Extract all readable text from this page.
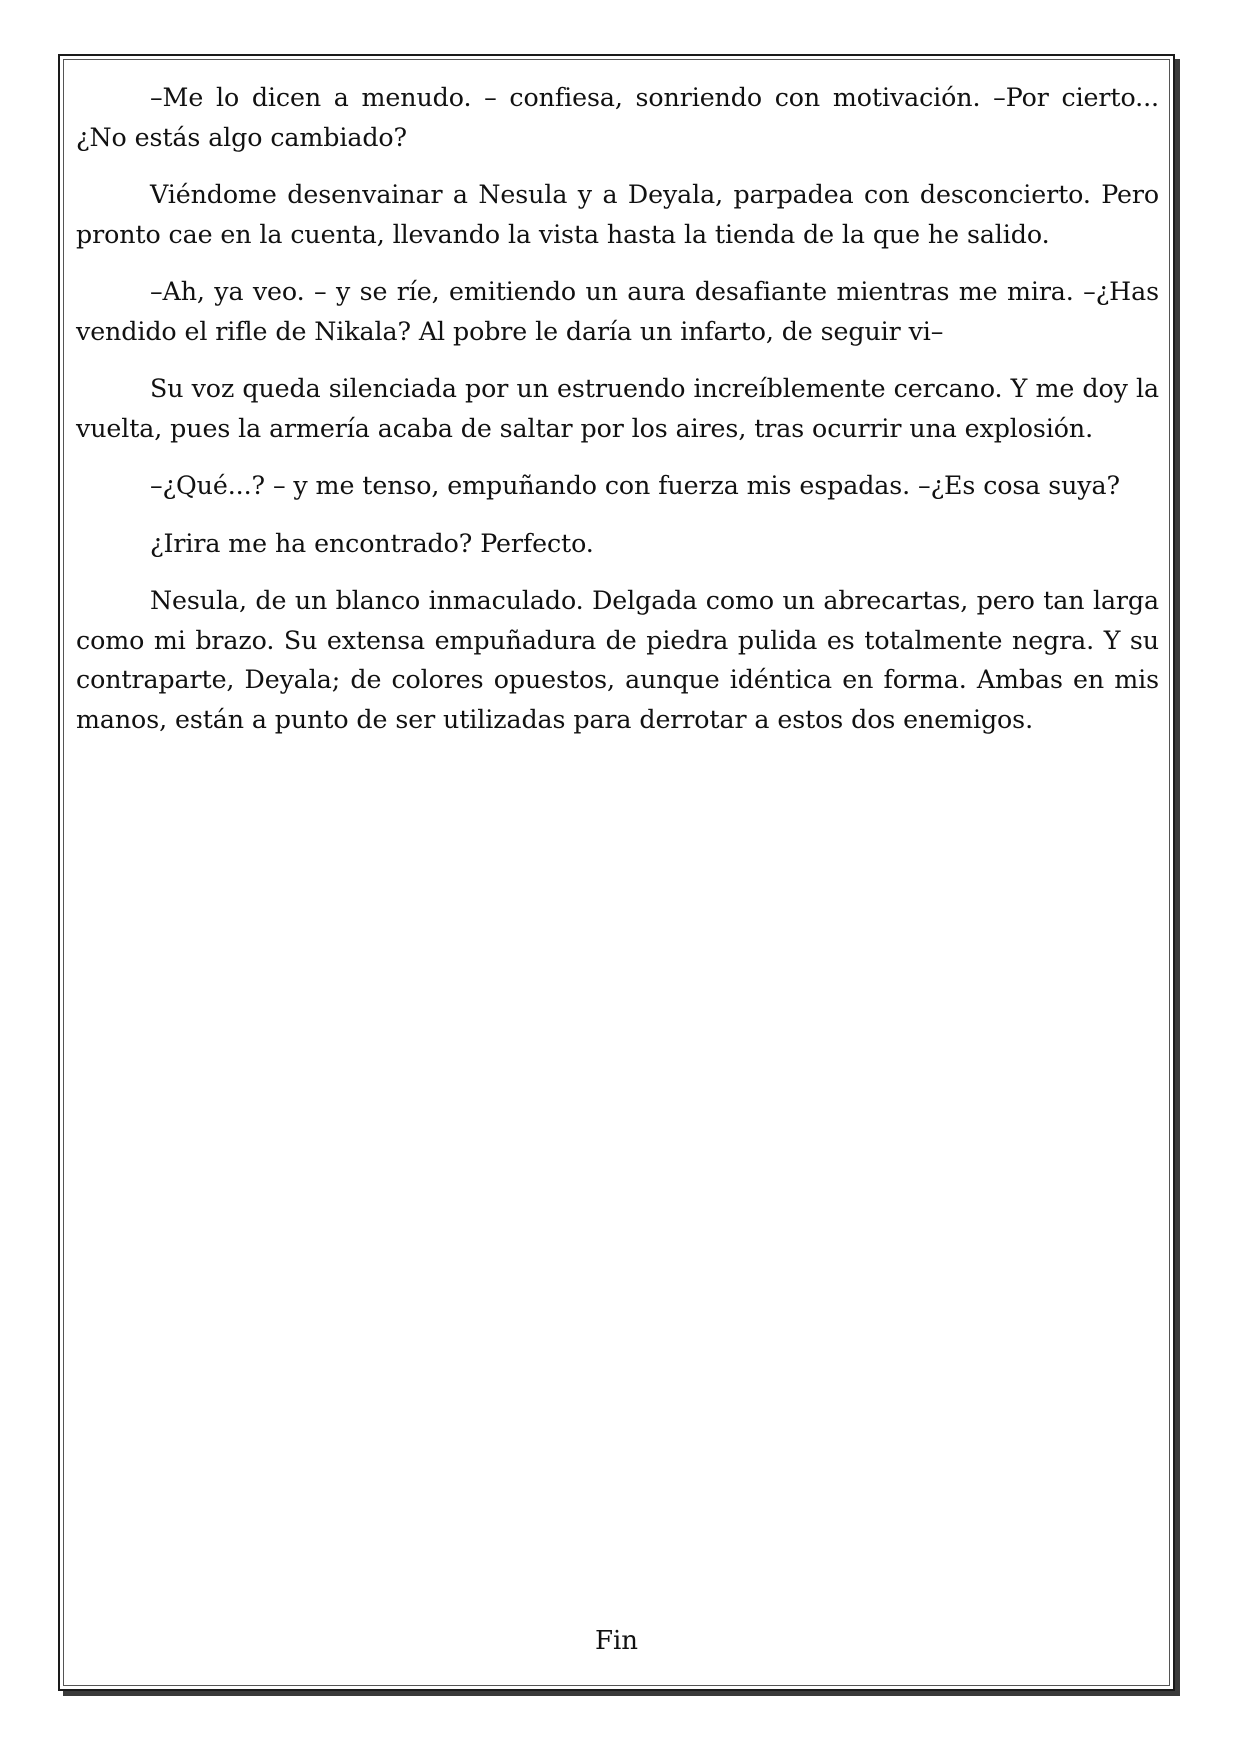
–Me lo dicen a menudo. – confiesa, sonriendo con motivación. –Por cierto... ¿No estás algo cambiado?

Viéndome desenvainar a Nesula y a Deyala, parpadea con desconcierto. Pero pronto cae en la cuenta, llevando la vista hasta la tienda de la que he salido.

–Ah, ya veo. – y se ríe, emitiendo un aura desafiante mientras me mira. –¿Has vendido el rifle de Nikala? Al pobre le daría un infarto, de seguir vi–

Su voz queda silenciada por un estruendo increíblemente cercano. Y me doy la vuelta, pues la armería acaba de saltar por los aires, tras ocurrir una explosión.

–¿Qué...? – y me tenso, empuñando con fuerza mis espadas. –¿Es cosa suya?

¿Irira me ha encontrado? Perfecto.

Nesula, de un blanco inmaculado. Delgada como un abrecartas, pero tan larga como mi brazo. Su extensa empuñadura de piedra pulida es totalmente negra. Y su contraparte, Deyala; de colores opuestos, aunque idéntica en forma. Ambas en mis manos, están a punto de ser utilizadas para derrotar a estos dos enemigos.

Fin
